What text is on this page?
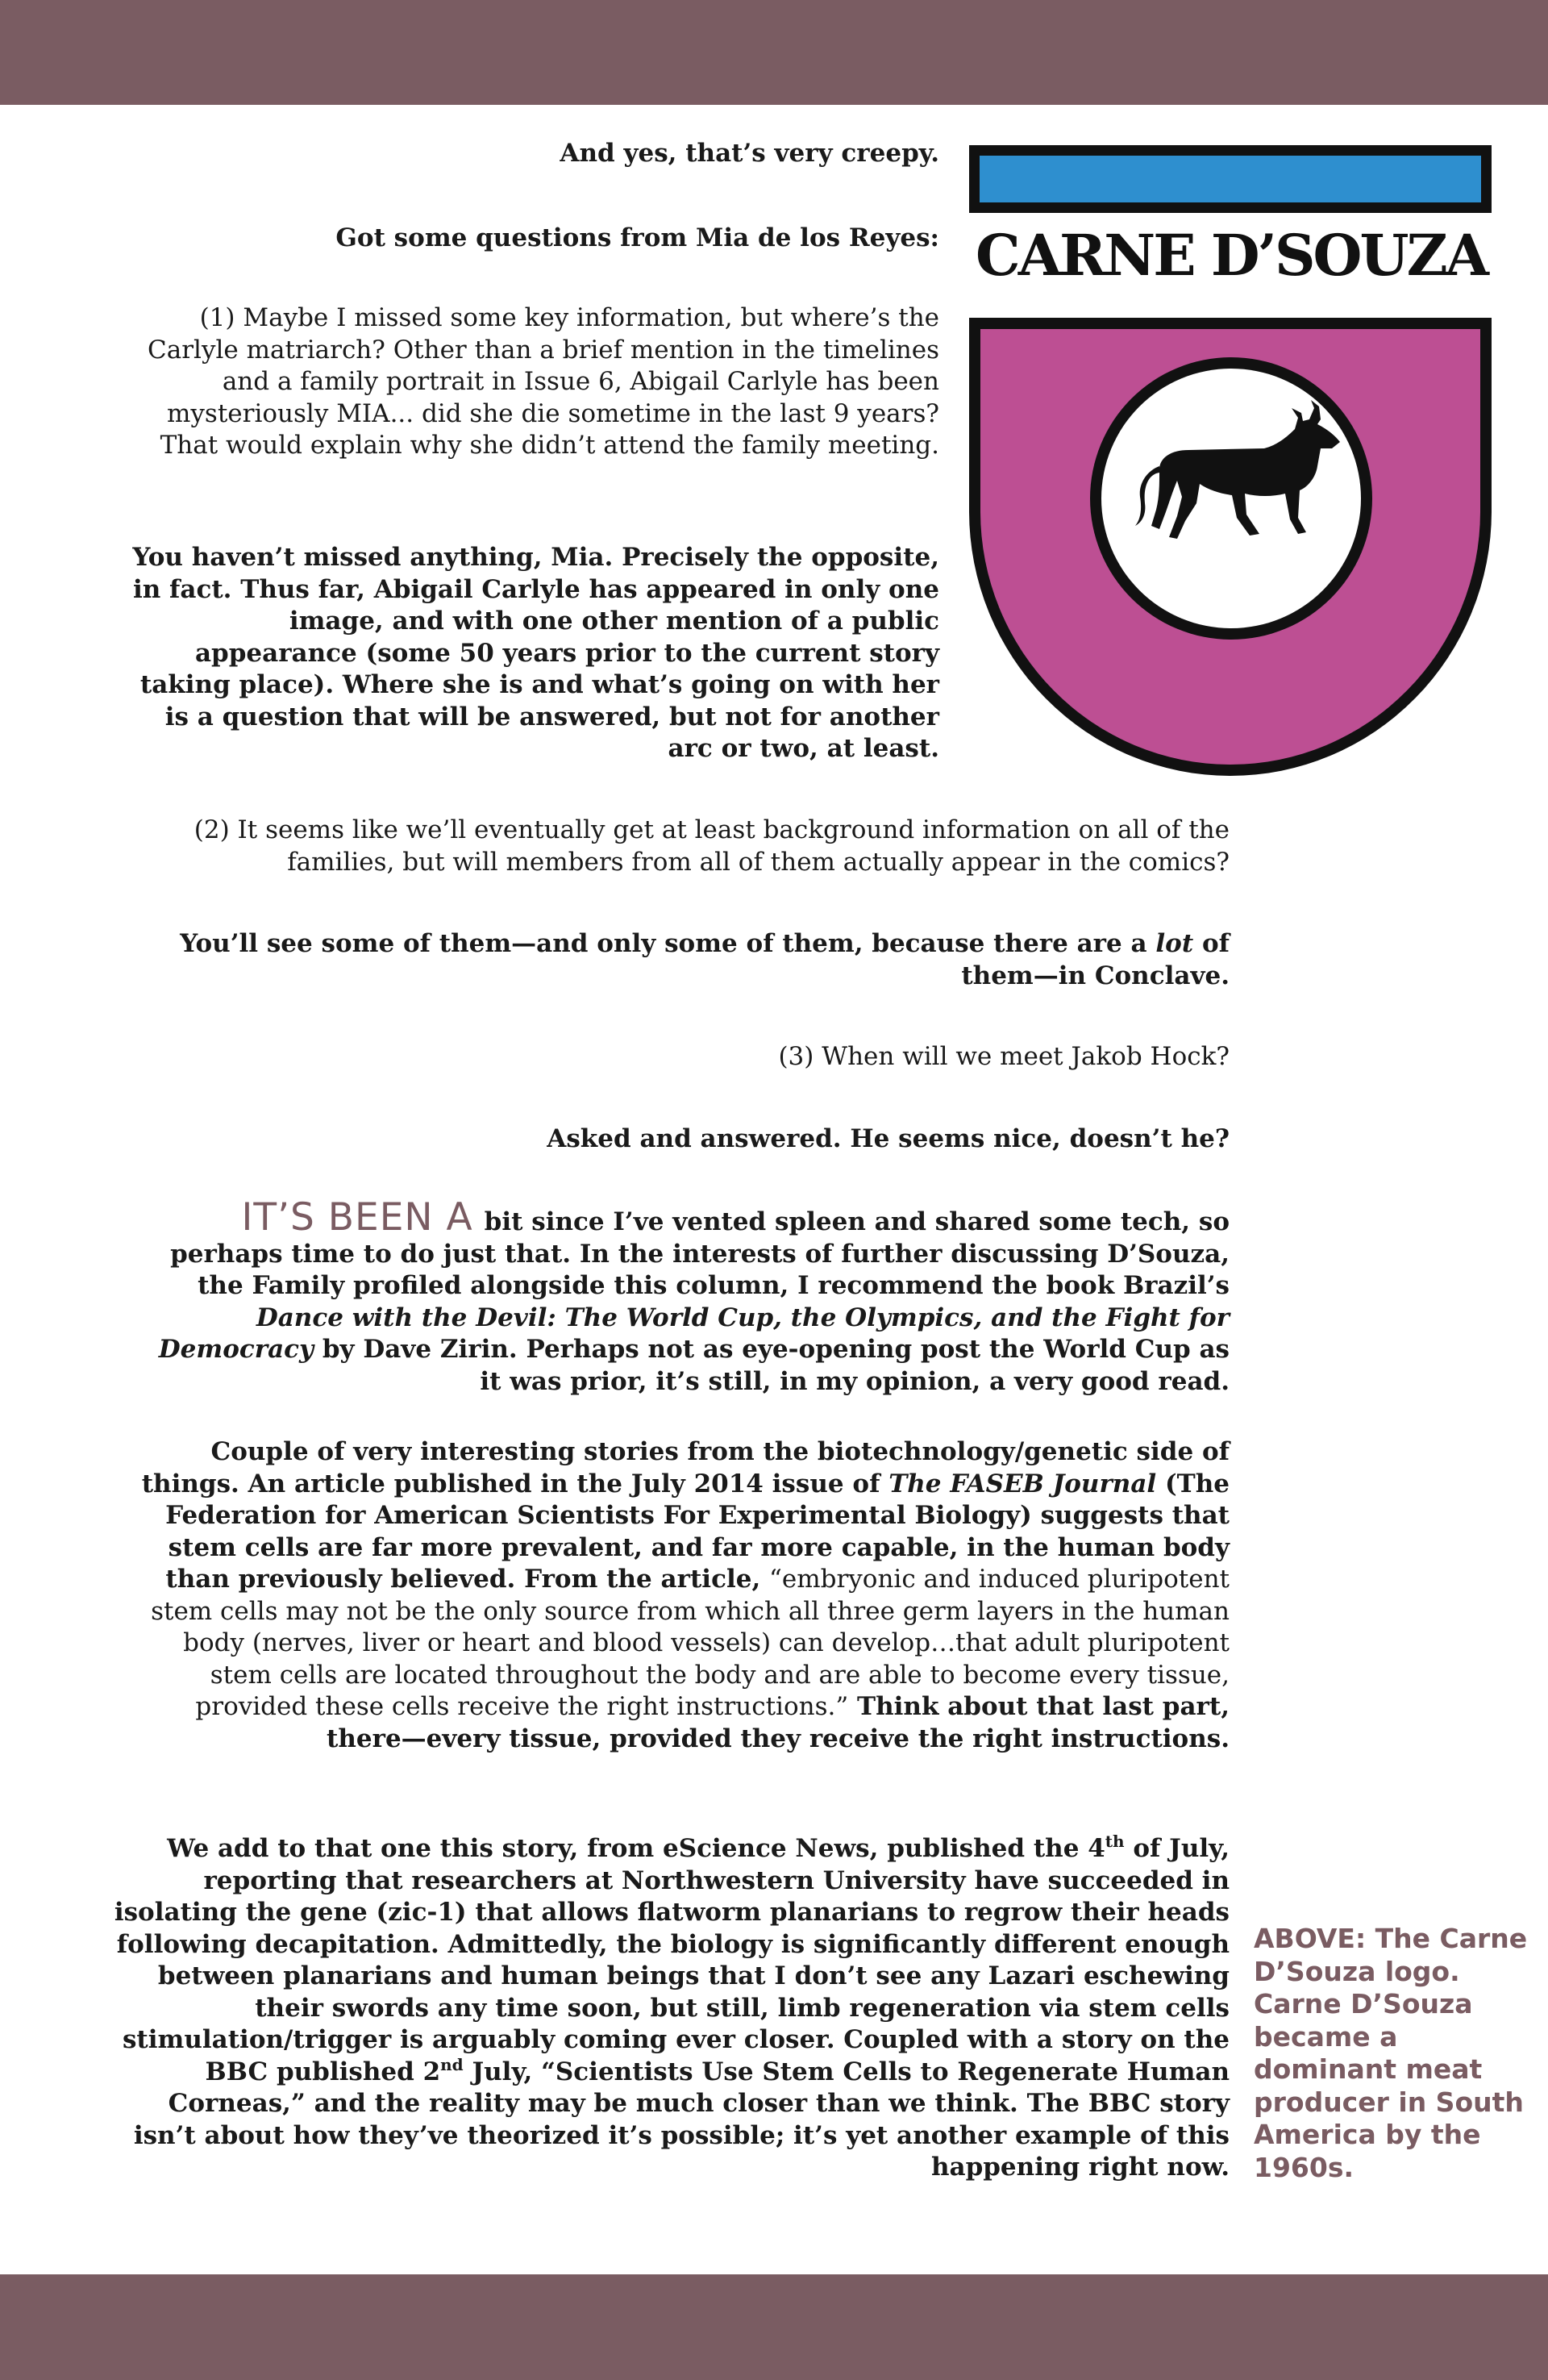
CARNE D’SOUZA

And yes, that’s very creepy.

Got some questions from Mia de los Reyes:

(1) Maybe I missed some key information, but where’s the Carlyle matriarch? Other than a brief mention in the timelines and a family portrait in Issue 6, Abigail Carlyle has been mysteriously MIA... did she die sometime in the last 9 years? That would explain why she didn’t attend the family meeting.

You haven’t missed anything, Mia. Precisely the opposite, in fact. Thus far, Abigail Carlyle has appeared in only one image, and with one other mention of a public appearance (some 50 years prior to the current story taking place). Where she is and what’s going on with her is a question that will be answered, but not for another arc or two, at least.

(2) It seems like we’ll eventually get at least background information on all of the families, but will members from all of them actually appear in the comics?

You’ll see some of them—and only some of them, because there are a lot of them—in Conclave.

(3) When will we meet Jakob Hock?

Asked and answered. He seems nice, doesn’t he?

IT’S BEEN A bit since I’ve vented spleen and shared some tech, so perhaps time to do just that. In the interests of further discussing D’Souza, the Family profiled alongside this column, I recommend the book Brazil’s Dance with the Devil: The World Cup, the Olympics, and the Fight for Democracy by Dave Zirin. Perhaps not as eye-opening post the World Cup as it was prior, it’s still, in my opinion, a very good read.

Couple of very interesting stories from the biotechnology/genetic side of things. An article published in the July 2014 issue of The FASEB Journal (The Federation for American Scientists For Experimental Biology) suggests that stem cells are far more prevalent, and far more capable, in the human body than previously believed. From the article, “embryonic and induced pluripotent stem cells may not be the only source from which all three germ layers in the human body (nerves, liver or heart and blood vessels) can develop…that adult pluripotent stem cells are located throughout the body and are able to become every tissue, provided these cells receive the right instructions.” Think about that last part, there—every tissue, provided they receive the right instructions.

We add to that one this story, from eScience News, published the 4th of July, reporting that researchers at Northwestern University have succeeded in isolating the gene (zic-1) that allows flatworm planarians to regrow their heads following decapitation. Admittedly, the biology is significantly different enough between planarians and human beings that I don’t see any Lazari eschewing their swords any time soon, but still, limb regeneration via stem cells stimulation/trigger is arguably coming ever closer. Coupled with a story on the BBC published 2nd July, “Scientists Use Stem Cells to Regenerate Human Corneas,” and the reality may be much closer than we think. The BBC story isn’t about how they’ve theorized it’s possible; it’s yet another example of this happening right now.

ABOVE: The Carne D’Souza logo. Carne D’Souza became a dominant meat producer in South America by the 1960s.
